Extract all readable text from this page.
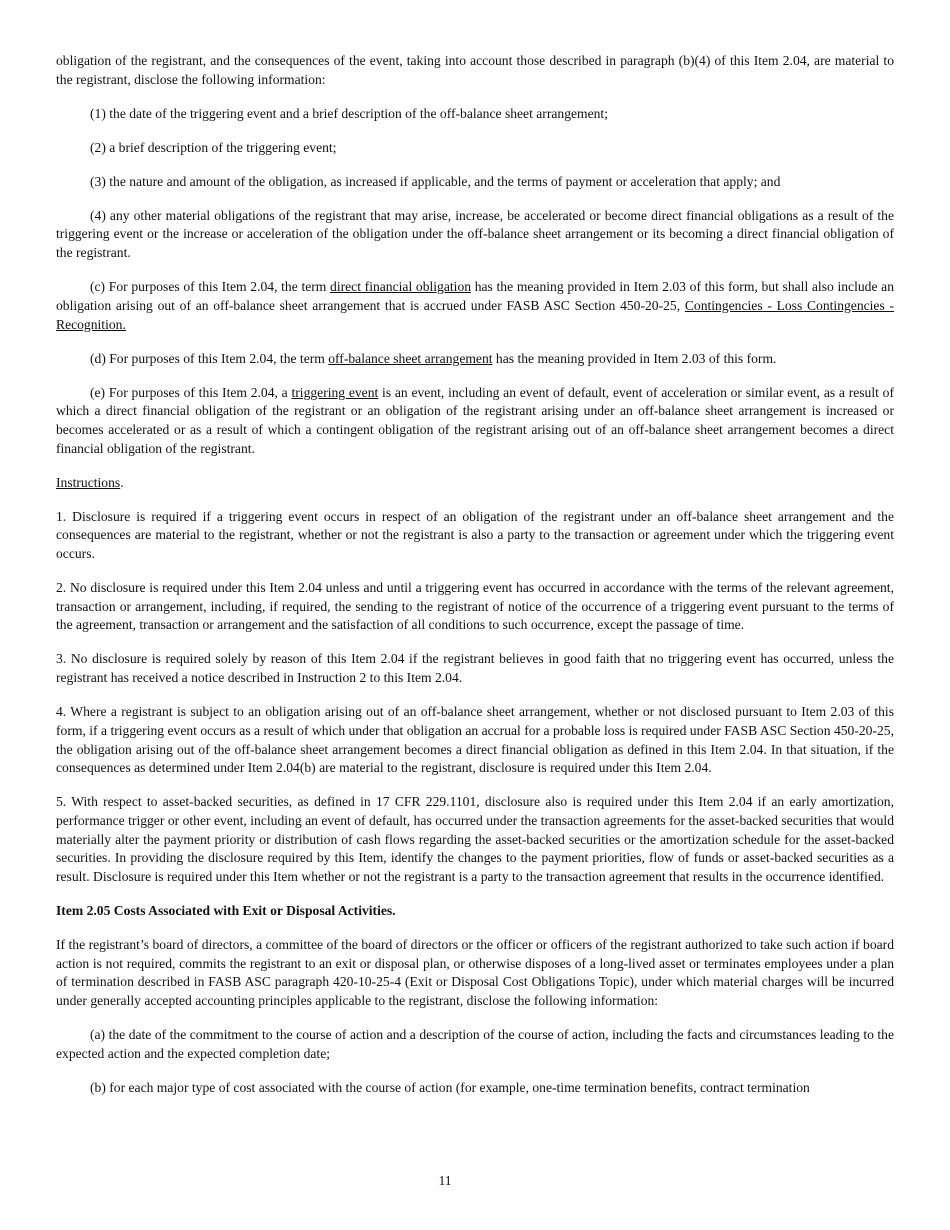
obligation of the registrant, and the consequences of the event, taking into account those described in paragraph (b)(4) of this Item 2.04, are material to the registrant, disclose the following information:

(1) the date of the triggering event and a brief description of the off-balance sheet arrangement;

(2) a brief description of the triggering event;

(3) the nature and amount of the obligation, as increased if applicable, and the terms of payment or acceleration that apply; and

(4) any other material obligations of the registrant that may arise, increase, be accelerated or become direct financial obligations as a result of the triggering event or the increase or acceleration of the obligation under the off-balance sheet arrangement or its becoming a direct financial obligation of the registrant.

(c) For purposes of this Item 2.04, the term direct financial obligation has the meaning provided in Item 2.03 of this form, but shall also include an obligation arising out of an off-balance sheet arrangement that is accrued under FASB ASC Section 450-20-25, Contingencies - Loss Contingencies - Recognition.

(d) For purposes of this Item 2.04, the term off-balance sheet arrangement has the meaning provided in Item 2.03 of this form.

(e) For purposes of this Item 2.04, a triggering event is an event, including an event of default, event of acceleration or similar event, as a result of which a direct financial obligation of the registrant or an obligation of the registrant arising under an off-balance sheet arrangement is increased or becomes accelerated or as a result of which a contingent obligation of the registrant arising out of an off-balance sheet arrangement becomes a direct financial obligation of the registrant.

Instructions.

1. Disclosure is required if a triggering event occurs in respect of an obligation of the registrant under an off-balance sheet arrangement and the consequences are material to the registrant, whether or not the registrant is also a party to the transaction or agreement under which the triggering event occurs.

2. No disclosure is required under this Item 2.04 unless and until a triggering event has occurred in accordance with the terms of the relevant agreement, transaction or arrangement, including, if required, the sending to the registrant of notice of the occurrence of a triggering event pursuant to the terms of the agreement, transaction or arrangement and the satisfaction of all conditions to such occurrence, except the passage of time.

3. No disclosure is required solely by reason of this Item 2.04 if the registrant believes in good faith that no triggering event has occurred, unless the registrant has received a notice described in Instruction 2 to this Item 2.04.

4. Where a registrant is subject to an obligation arising out of an off-balance sheet arrangement, whether or not disclosed pursuant to Item 2.03 of this form, if a triggering event occurs as a result of which under that obligation an accrual for a probable loss is required under FASB ASC Section 450-20-25, the obligation arising out of the off-balance sheet arrangement becomes a direct financial obligation as defined in this Item 2.04. In that situation, if the consequences as determined under Item 2.04(b) are material to the registrant, disclosure is required under this Item 2.04.

5. With respect to asset-backed securities, as defined in 17 CFR 229.1101, disclosure also is required under this Item 2.04 if an early amortization, performance trigger or other event, including an event of default, has occurred under the transaction agreements for the asset-backed securities that would materially alter the payment priority or distribution of cash flows regarding the asset-backed securities or the amortization schedule for the asset-backed securities. In providing the disclosure required by this Item, identify the changes to the payment priorities, flow of funds or asset-backed securities as a result. Disclosure is required under this Item whether or not the registrant is a party to the transaction agreement that results in the occurrence identified.

Item 2.05 Costs Associated with Exit or Disposal Activities.

If the registrant’s board of directors, a committee of the board of directors or the officer or officers of the registrant authorized to take such action if board action is not required, commits the registrant to an exit or disposal plan, or otherwise disposes of a long-lived asset or terminates employees under a plan of termination described in FASB ASC paragraph 420-10-25-4 (Exit or Disposal Cost Obligations Topic), under which material charges will be incurred under generally accepted accounting principles applicable to the registrant, disclose the following information:

(a) the date of the commitment to the course of action and a description of the course of action, including the facts and circumstances leading to the expected action and the expected completion date;

(b) for each major type of cost associated with the course of action (for example, one-time termination benefits, contract termination

11
